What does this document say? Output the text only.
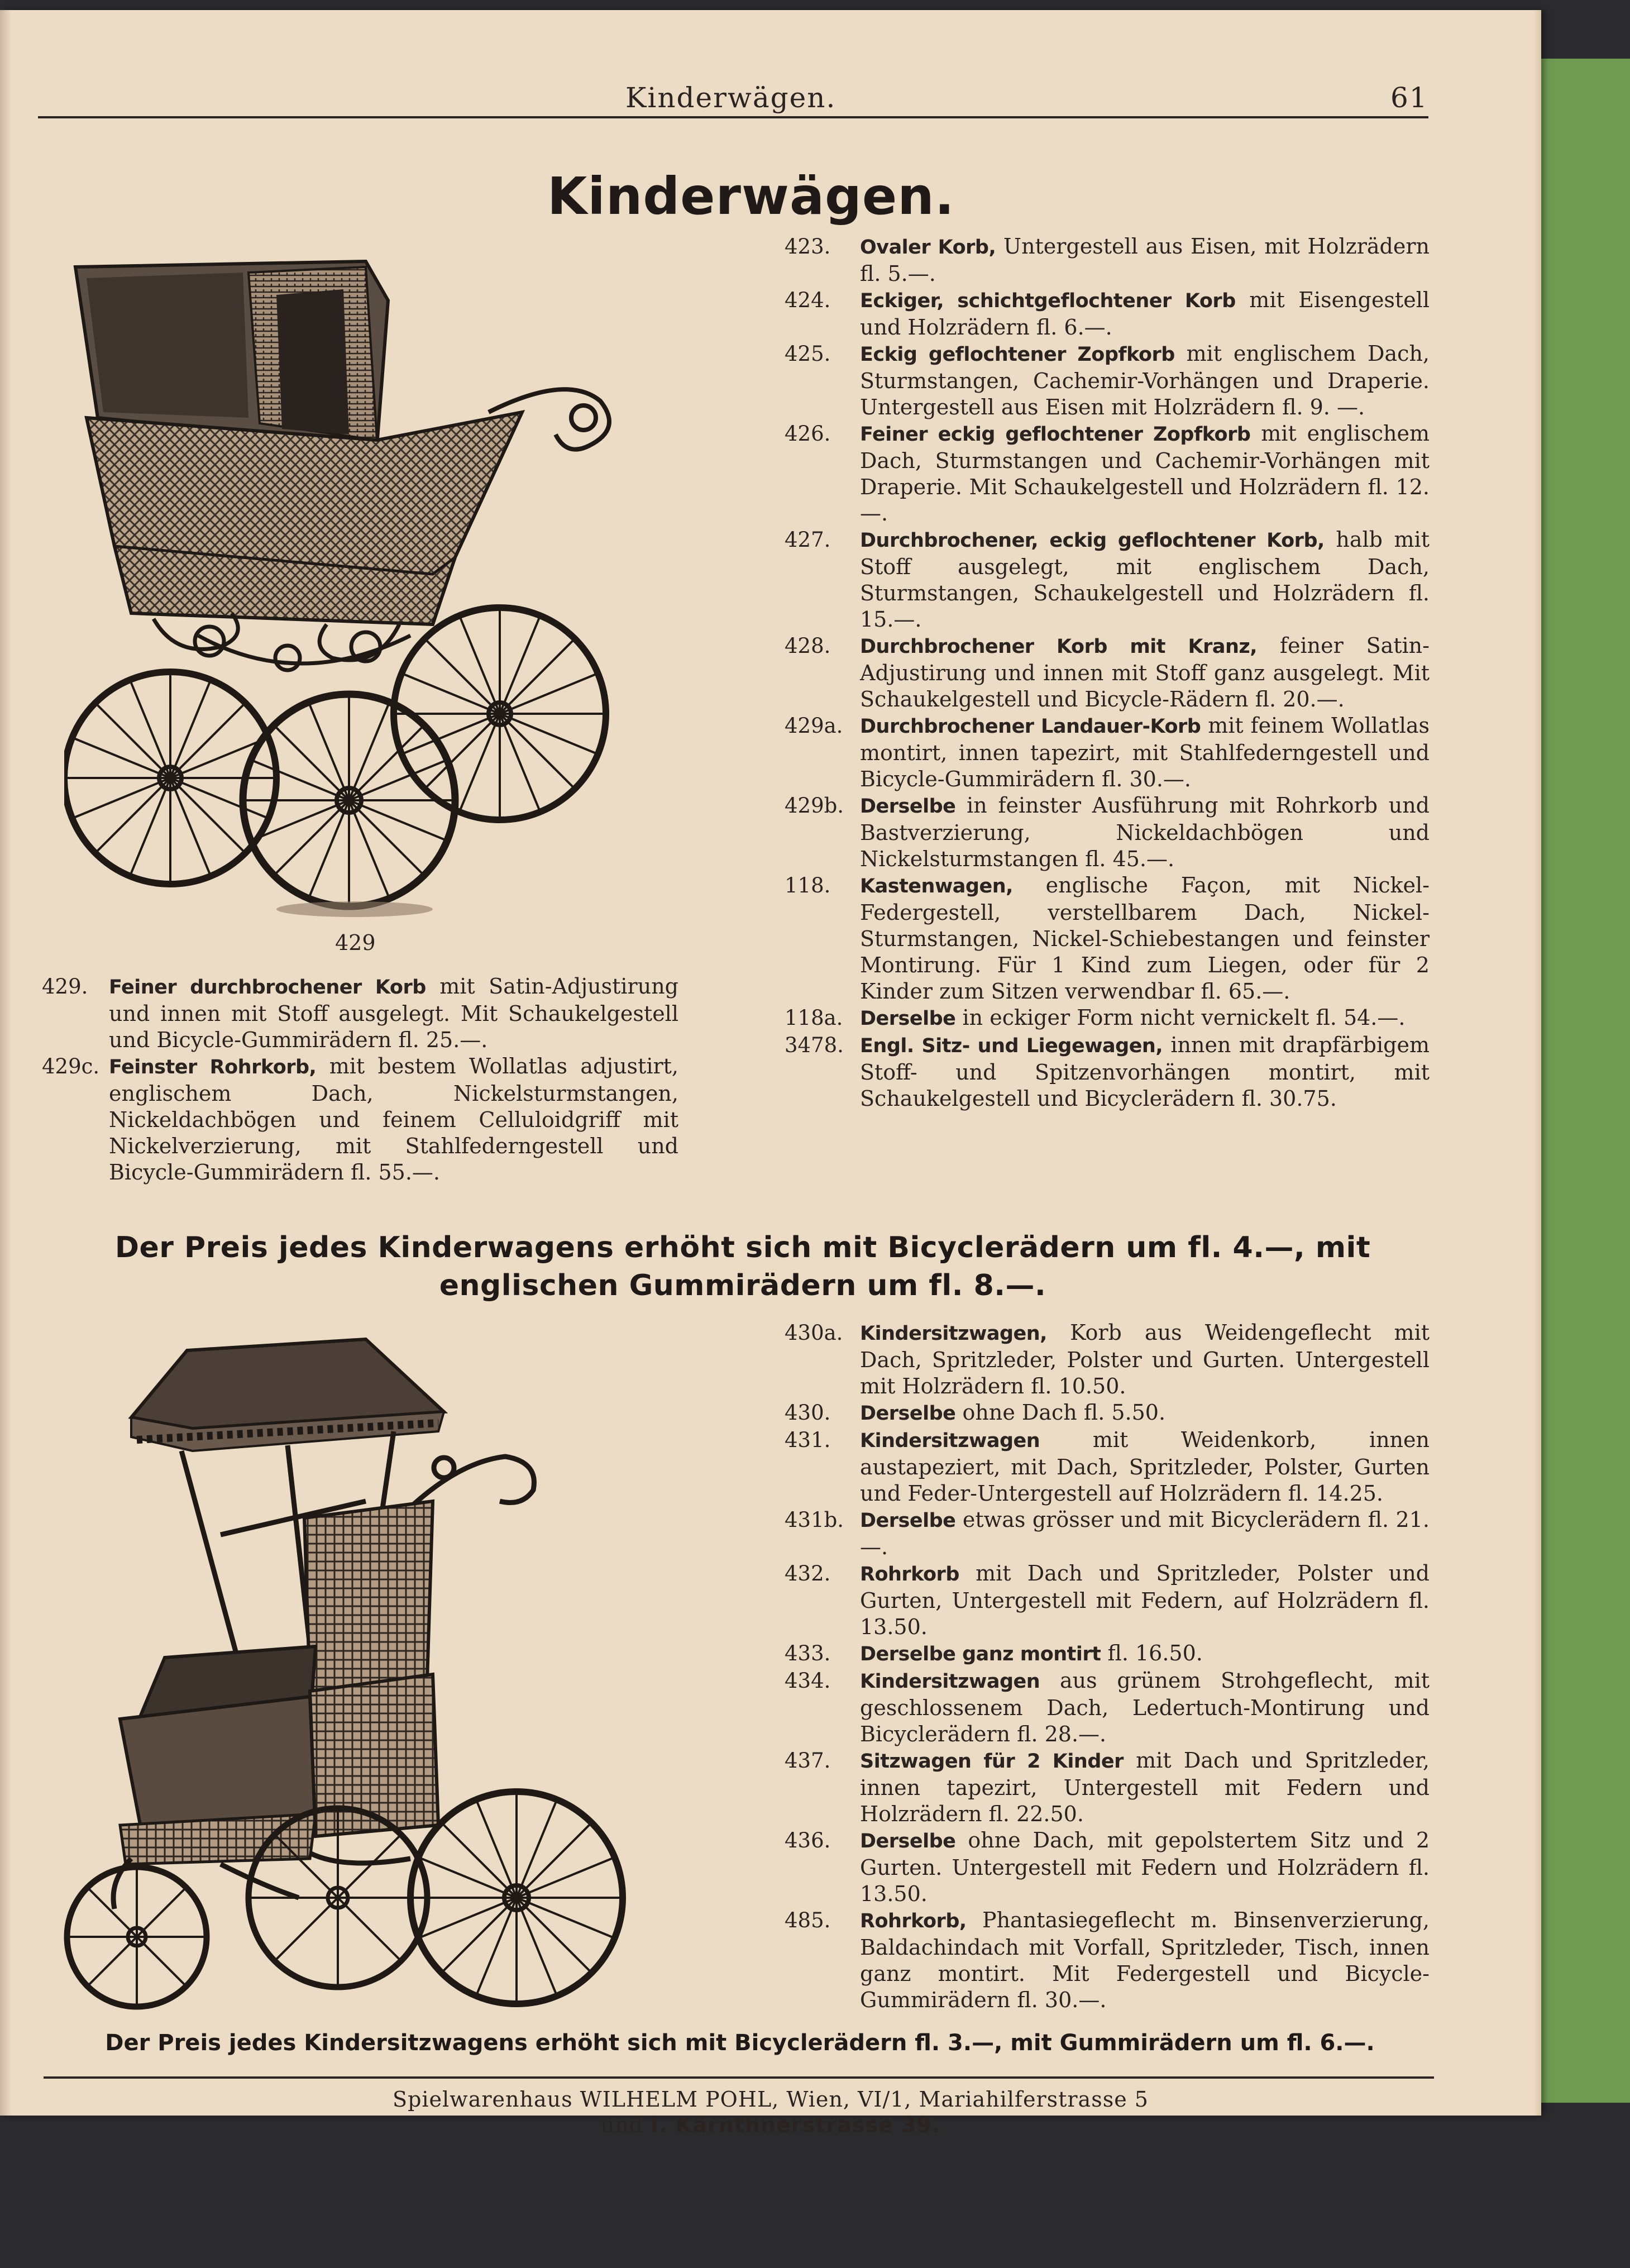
Kinderwägen.	61
Kinderwägen.
429
423.	Ovaler Korb, Untergestell aus Eisen, mit Holzrädern fl. 5.—.
424.	Eckiger, schichtgeflochtener Korb mit Eisengestell und Holzrädern fl. 6.—.
425.	Eckig geflochtener Zopfkorb mit englischem Dach, Sturmstangen, Cachemir-Vorhängen und Draperie. Untergestell aus Eisen mit Holzrädern fl. 9. —.
426.	Feiner eckig geflochtener Zopfkorb mit englischem Dach, Sturmstangen und Cachemir-Vorhängen mit Draperie. Mit Schaukelgestell und Holzrädern fl. 12.—.
427.	Durchbrochener, eckig geflochtener Korb, halb mit Stoff ausgelegt, mit englischem Dach, Sturmstangen, Schaukelgestell und Holzrädern fl. 15.—.
428.	Durchbrochener Korb mit Kranz, feiner Satin-Adjustirung und innen mit Stoff ganz ausgelegt. Mit Schaukelgestell und Bicycle-Rädern fl. 20.—.
429a. Durchbrochener Landauer-Korb mit feinem Wollatlas montirt, innen tapezirt, mit Stahlfederngestell und Bicycle-Gummirädern fl. 30.—.
429b. Derselbe in feinster Ausführung mit Rohrkorb und Bastverzierung, Nickeldachbögen und Nickelsturmstangen fl. 45.—.
118.	Kastenwagen, englische Façon, mit Nickel-Federgestell, verstellbarem Dach, Nickel-Sturmstangen, Nickel-Schiebestangen und feinster Montirung. Für 1 Kind zum Liegen, oder für 2 Kinder zum Sitzen verwendbar fl. 65.—.
118a. Derselbe in eckiger Form nicht vernickelt fl. 54.—.
3478. Engl. Sitz- und Liegewagen, innen mit drapfärbigem Stoff- und Spitzenvorhängen montirt, mit Schaukelgestell und Bicyclerädern fl. 30.75.
429.	Feiner durchbrochener Korb mit Satin-Adjustirung und innen mit Stoff ausgelegt. Mit Schaukelgestell und Bicycle-Gummirädern fl. 25.—.
429c. Feinster Rohrkorb, mit bestem Wollatlas adjustirt, englischem Dach, Nickelsturmstangen, Nickeldachbögen und feinem Celluloidgriff mit Nickelverzierung, mit Stahlfederngestell und Bicycle-Gummirädern fl. 55.—.
Der Preis jedes Kinderwagens erhöht sich mit Bicyclerädern um fl. 4.—, mit englischen Gummirädern um fl. 8.—.
430a. Kindersitzwagen, Korb aus Weidengeflecht mit Dach, Spritzleder, Polster und Gurten. Untergestell mit Holzrädern fl. 10.50.
430.	Derselbe ohne Dach fl. 5.50.
431.	Kindersitzwagen mit Weidenkorb, innen austapeziert, mit Dach, Spritzleder, Polster, Gurten und Feder-Untergestell auf Holzrädern fl. 14.25.
431b. Derselbe etwas grösser und mit Bicyclerädern fl. 21.—.
432.	Rohrkorb mit Dach und Spritzleder, Polster und Gurten, Untergestell mit Federn, auf Holzrädern fl. 13.50.
433.	Derselbe ganz montirt fl. 16.50.
434.	Kindersitzwagen aus grünem Strohgeflecht, mit geschlossenem Dach, Ledertuch-Montirung und Bicyclerädern fl. 28.—.
437.	Sitzwagen für 2 Kinder mit Dach und Spritzleder, innen tapezirt, Untergestell mit Federn und Holzrädern fl. 22.50.
436.	Derselbe ohne Dach, mit gepolstertem Sitz und 2 Gurten. Untergestell mit Federn und Holzrädern fl. 13.50.
485.	Rohrkorb, Phantasiegeflecht m. Binsenverzierung, Baldachindach mit Vorfall, Spritzleder, Tisch, innen ganz montirt. Mit Federgestell und Bicycle-Gummirädern fl. 30.—.
Der Preis jedes Kindersitzwagens erhöht sich mit Bicyclerädern fl. 3.—, mit Gummirädern um fl. 6.—.
Spielwarenhaus WILHELM POHL, Wien, VI/1, Mariahilferstrasse 5
und I. Kärnthnerstrasse 39.
